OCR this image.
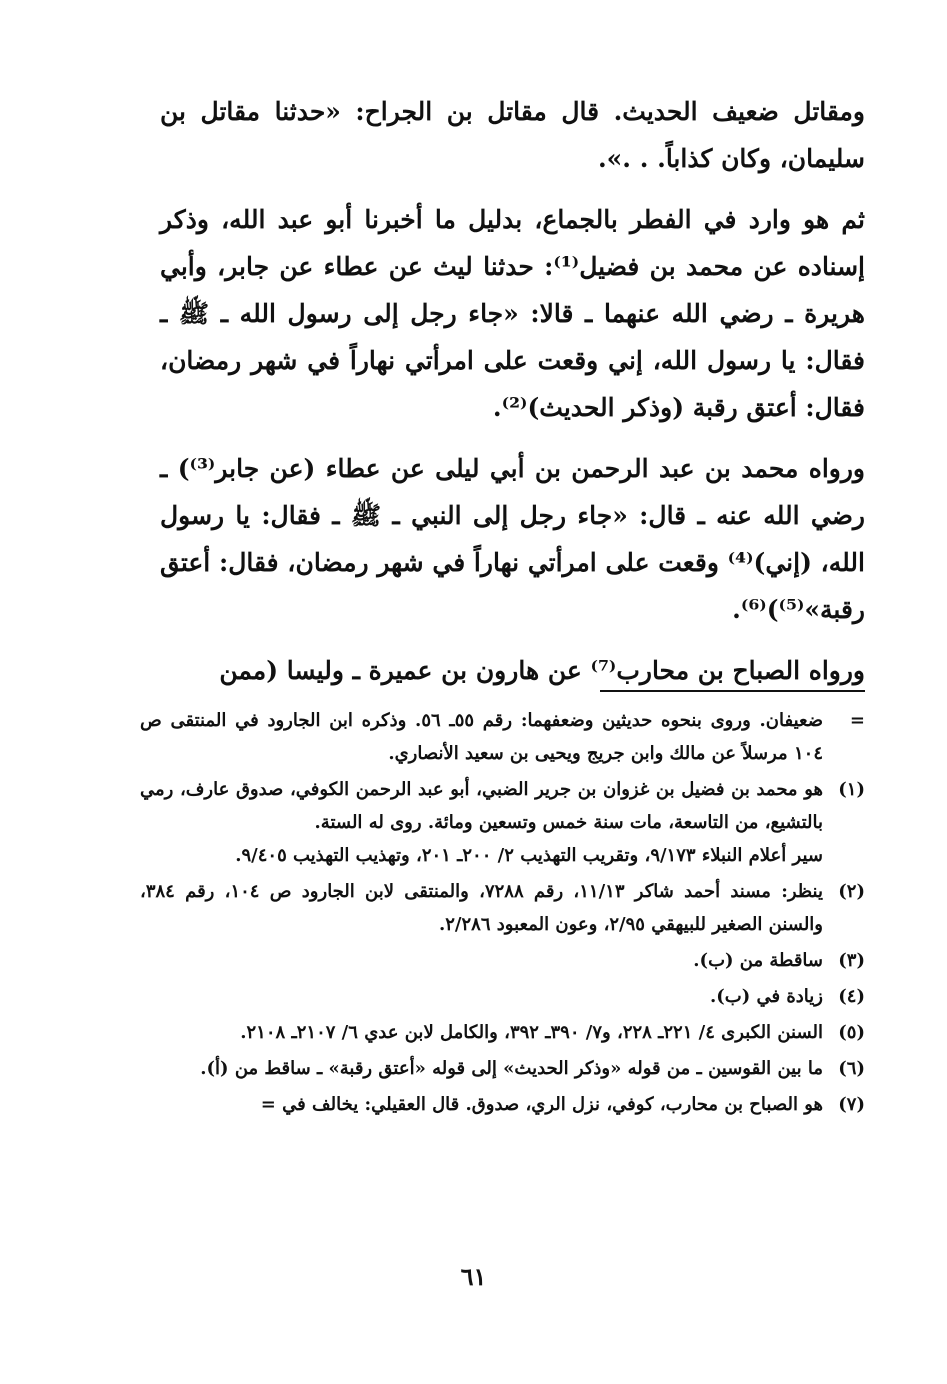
ومقاتل ضعيف الحديث. قال مقاتل بن الجراح: «حدثنا مقاتل بن سليمان، وكان كذاباً. . .».

ثم هو وارد في الفطر بالجماع، بدليل ما أخبرنا أبو عبد الله، وذكر إسناده عن محمد بن فضيل⁽¹⁾: حدثنا ليث عن عطاء عن جابر، وأبي هريرة ـ رضي الله عنهما ـ قالا: «جاء رجل إلى رسول الله ـ ﷺ ـ فقال: يا رسول الله، إني وقعت على امرأتي نهاراً في شهر رمضان، فقال: أعتق رقبة (وذكر الحديث)⁽²⁾.

ورواه محمد بن عبد الرحمن بن أبي ليلى عن عطاء (عن جابر⁽³⁾) ـ رضي الله عنه ـ قال: «جاء رجل إلى النبي ـ ﷺ ـ فقال: يا رسول الله، (إني)⁽⁴⁾ وقعت على امرأتي نهاراً في شهر رمضان، فقال: أعتق رقبة»⁽⁵⁾)⁽⁶⁾.

ورواه الصباح بن محارب⁽⁷⁾ عن هارون بن عميرة ـ وليسا (ممن

=
ضعيفان. وروى بنحوه حديثين وضعفهما: رقم ٥٥ـ ٥٦. وذكره ابن الجارود في المنتقى ص ١٠٤ مرسلاً عن مالك وابن جريج ويحيى بن سعيد الأنصاري.
(١)
هو محمد بن فضيل بن غزوان بن جرير الضبي، أبو عبد الرحمن الكوفي، صدوق عارف، رمي بالتشيع، من التاسعة، مات سنة خمس وتسعين ومائة. روى له الستة.
سير أعلام النبلاء ٩/١٧٣، وتقريب التهذيب ٢/ ٢٠٠ـ ٢٠١، وتهذيب التهذيب ٩/٤٠٥.
(٢)
ينظر: مسند أحمد شاكر ١١/١٣، رقم ٧٢٨٨، والمنتقى لابن الجارود ص ١٠٤، رقم ٣٨٤، والسنن الصغير للبيهقي ٢/٩٥، وعون المعبود ٢/٢٨٦.
(٣)
ساقطة من (ب).
(٤)
زيادة في (ب).
(٥)
السنن الكبرى ٤/ ٢٢١ـ ٢٢٨، و٧/ ٣٩٠ـ ٣٩٢، والكامل لابن عدي ٦/ ٢١٠٧ـ ٢١٠٨.
(٦)
ما بين القوسين ـ من قوله «وذكر الحديث» إلى قوله «أعتق رقبة» ـ ساقط من (أ).
(٧)
هو الصباح بن محارب، كوفي، نزل الري، صدوق. قال العقيلي: يخالف في =
٦١
